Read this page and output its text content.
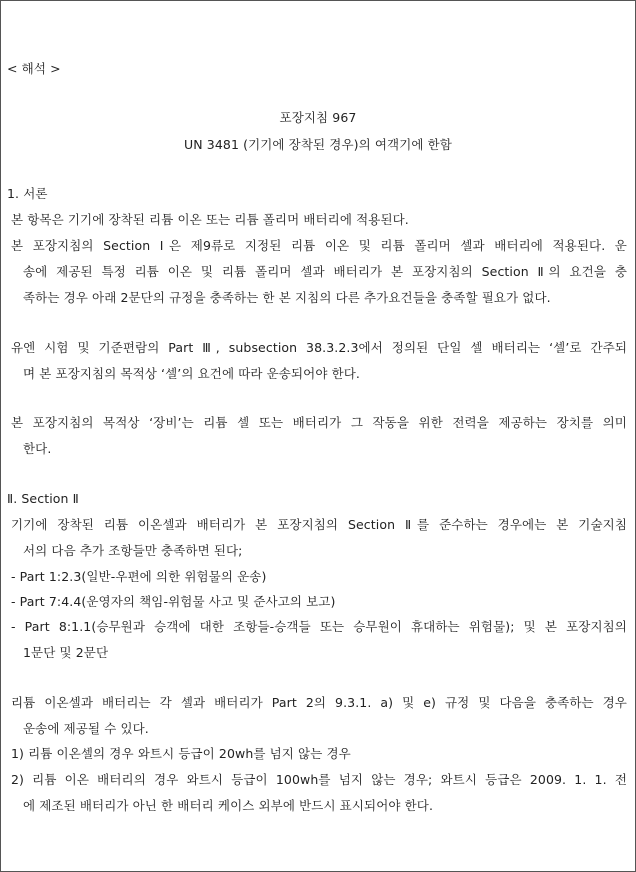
< 해석 >
포장지침 967
UN 3481 (기기에 장착된 경우)의 여객기에 한함
1. 서론
본 항목은 기기에 장착된 리튬 이온 또는 리튬 폴리머 배터리에 적용된다.
본 포장지침의 Section Ⅰ은 제9류로 지정된 리튬 이온 및 리튬 폴리머 셀과 배터리에 적용된다. 운
송에 제공된 특정 리튬 이온 및 리튬 폴리머 셀과 배터리가 본 포장지침의 Section Ⅱ의 요건을 충
족하는 경우 아래 2문단의 규정을 충족하는 한 본 지침의 다른 추가요건들을 충족할 필요가 없다.
유엔 시험 및 기준편람의 Part Ⅲ, subsection 38.3.2.3에서 정의된 단일 셀 배터리는 ‘셀’로 간주되
며 본 포장지침의 목적상 ‘셀’의 요건에 따라 운송되어야 한다.
본 포장지침의 목적상 ‘장비’는 리튬 셀 또는 배터리가 그 작동을 위한 전력을 제공하는 장치를 의미
한다.
Ⅱ. Section Ⅱ
기기에 장착된 리튬 이온셀과 배터리가 본 포장지침의 Section Ⅱ를 준수하는 경우에는 본 기술지침
서의 다음 추가 조항들만 충족하면 된다;
- Part 1:2.3(일반-우편에 의한 위험물의 운송)
- Part 7:4.4(운영자의 책임-위험물 사고 및 준사고의 보고)
- Part 8:1.1(승무원과 승객에 대한 조항들-승객들 또는 승무원이 휴대하는 위험물); 및 본 포장지침의
1문단 및 2문단
리튬 이온셀과 배터리는 각 셀과 배터리가 Part 2의 9.3.1. a) 및 e) 규정 및 다음을 충족하는 경우
운송에 제공될 수 있다.
1) 리튬 이온셀의 경우 와트시 등급이 20wh를 넘지 않는 경우
2) 리튬 이온 배터리의 경우 와트시 등급이 100wh를 넘지 않는 경우; 와트시 등급은 2009. 1. 1. 전
에 제조된 배터리가 아닌 한 배터리 케이스 외부에 반드시 표시되어야 한다.
